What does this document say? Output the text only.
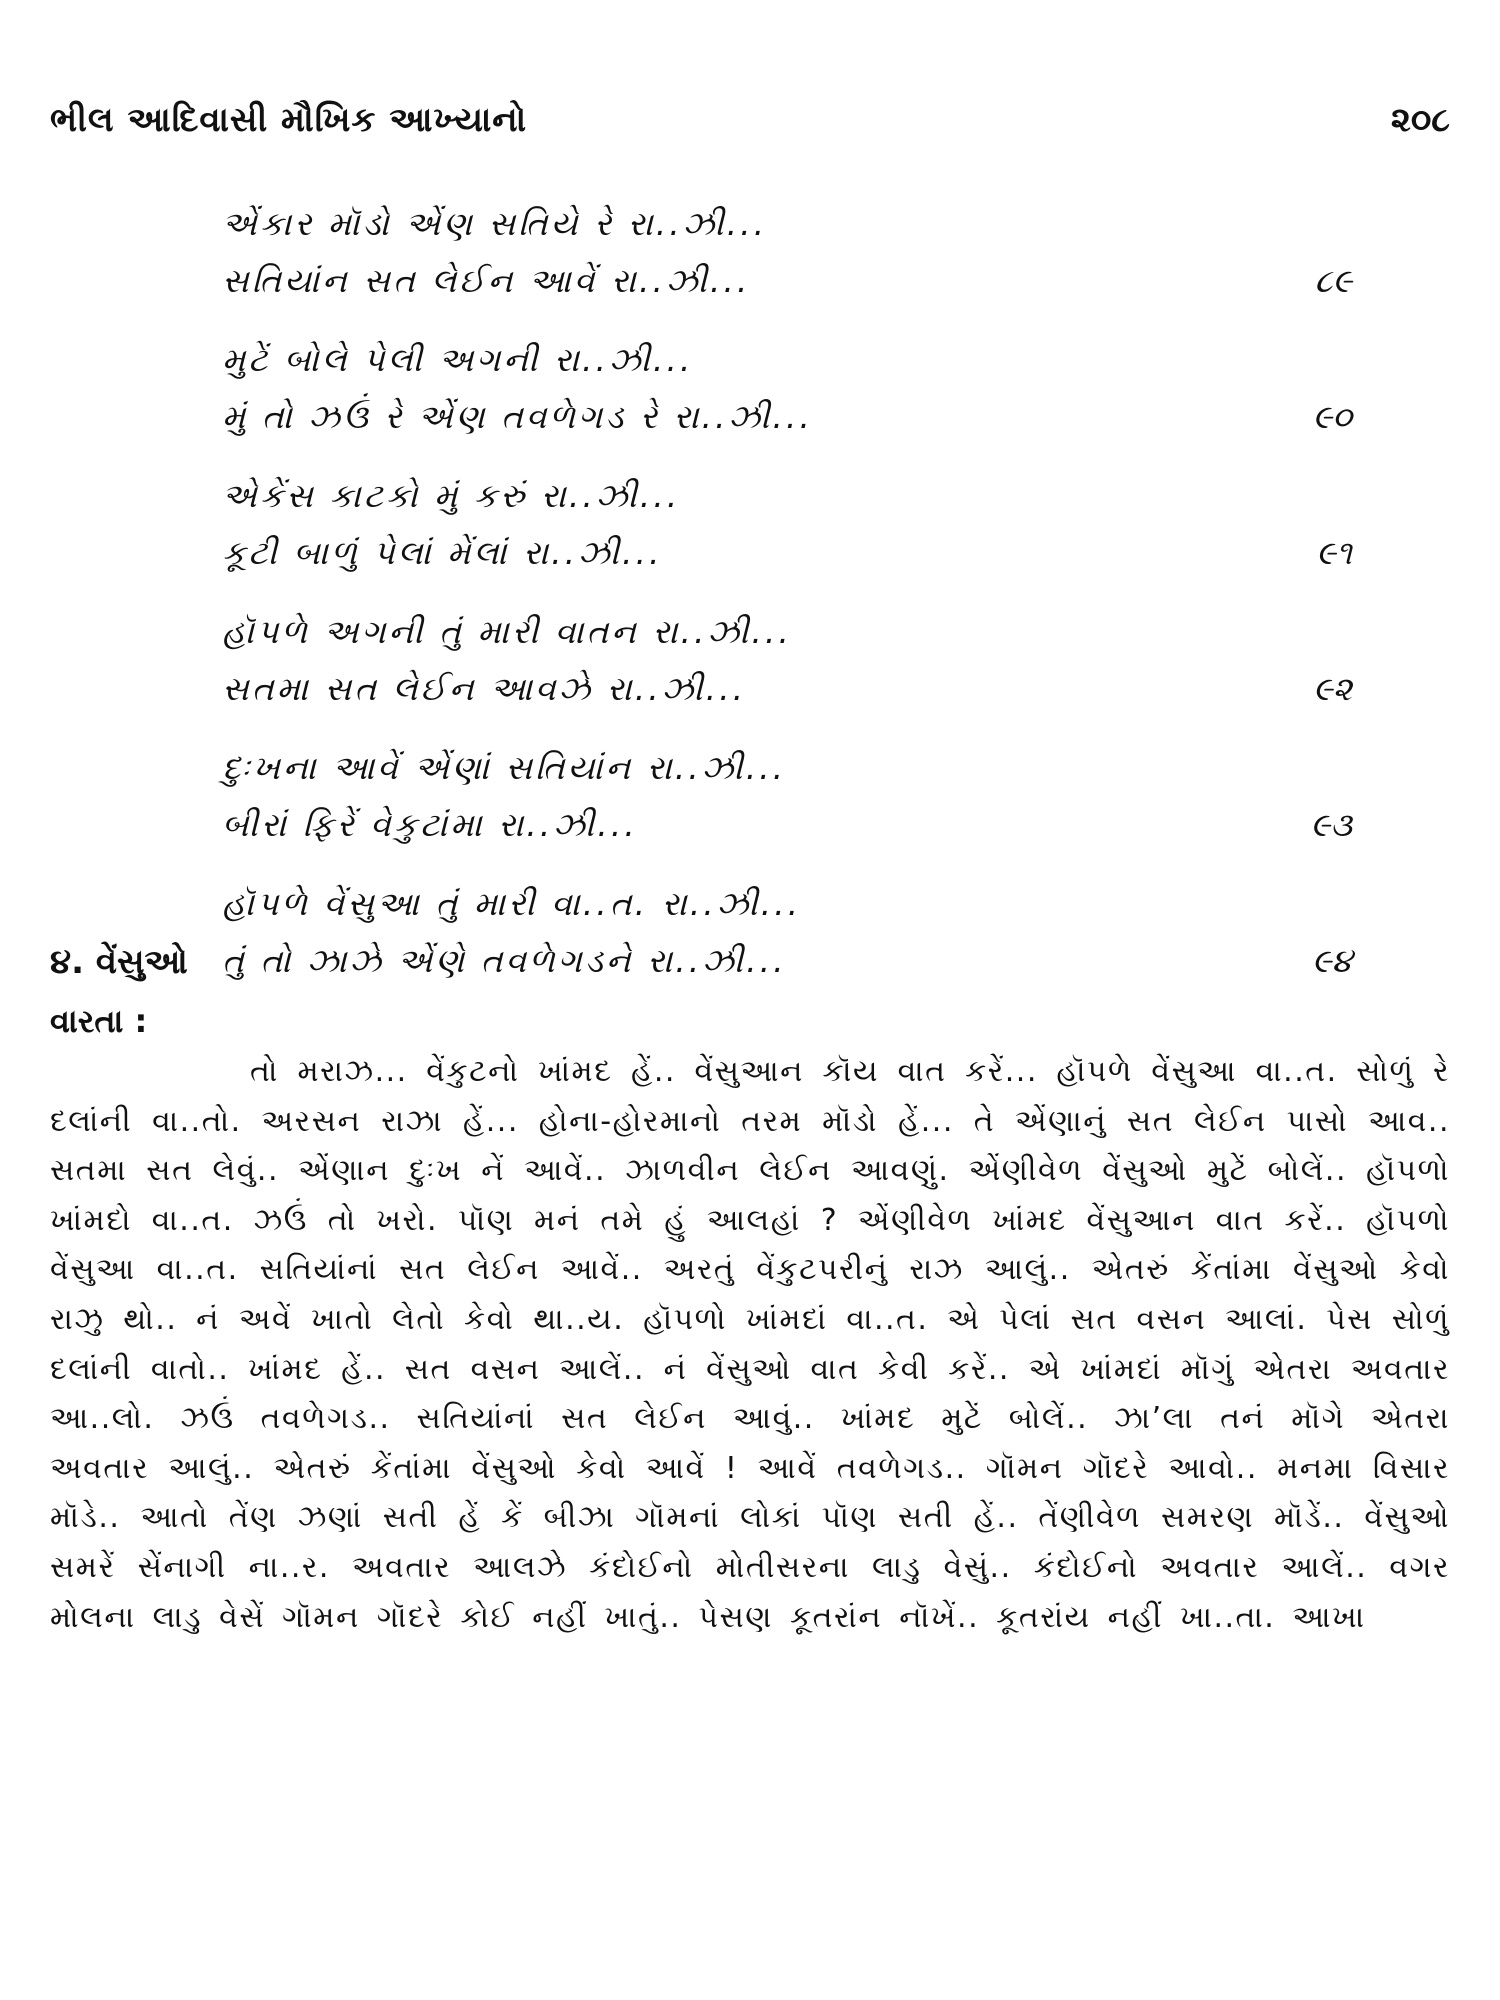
ભીલ આદિવાસી મૌખિક આખ્યાનો	૨૦૮
એંકાર મૉડો એંણ સતિયે રે રા..ઝી...
સતિયાંન સત લેઈન આવેં રા..ઝી...	૮૯
મુટેં બોલે પેલી અગની રા..ઝી...
મું તો ઝઉં રે એંણ તવળેગડ રે રા..ઝી...	૯૦
એકેંસ કાટકો મું કરું રા..ઝી...
કૂટી બાળું પેલાં મેંલાં રા..ઝી...	૯૧
હૉપળે અગની તું મારી વાતન રા..ઝી...
સતમા સત લેઈન આવઝે રા..ઝી...	૯૨
દુઃખના આવેં એંણાં સતિયાંન રા..ઝી...
બીરાં ફિરેં વેકુટાંમા રા..ઝી...	૯૩
હૉપળે વેંસુઆ તું મારી વા..ત. રા..ઝી...
તું તો ઝાઝે એંણે તવળેગડને રા..ઝી...	૯૪
૪. વેંસુઓ
વારતા :

તો મરાઝ... વેંકુટનો ખાંમદ હેં.. વેંસુઆન કૉય વાત કરેં... હૉપળે વેંસુઆ વા..ત. સોળું રે દલાંની વા..તો. અરસન રાઝા હેં... હોના-હોરમાનો તરમ મૉડો હેં... તે એંણાનું સત લેઈન પાસો આવ.. સતમા સત લેવું.. એંણાન દુઃખ નેં આવેં.. ઝાળવીન લેઈન આવણું. એંણીવેળ વેંસુઓ મુટેં બોલેં.. હૉપળો ખાંમદો વા..ત. ઝઉં તો ખરો. પૉણ મનં તમે હું આલહાં ? એંણીવેળ ખાંમદ વેંસુઆન વાત કરેં.. હૉપળો વેંસુઆ વા..ત. સતિયાંનાં સત લેઈન આવેં.. અરતું વેંકુટપરીનું રાઝ આલું.. એતરું કેંતાંમા વેંસુઓ કેવો રાઝુ થો.. નં અવેં ખાતો લેતો કેવો થા..ય. હૉપળો ખાંમદાં વા..ત. એ પેલાં સત વસન આલાં. પેસ સોળું દલાંની વાતો.. ખાંમદ હેં.. સત વસન આલેં.. નં વેંસુઓ વાત કેવી કરેં.. એ ખાંમદાં મૉગું એતરા અવતાર આ..લો. ઝઉં તવળેગડ.. સતિયાંનાં સત લેઈન આવું.. ખાંમદ મુટેં બોલેં.. ઝા’લા તનં મૉગે એતરા અવતાર આલું.. એતરું કેંતાંમા વેંસુઓ કેવો આવેં ! આવેં તવળેગડ.. ગૉમન ગૉદરે આવો.. મનમા વિસાર મૉડે.. આતો તેંણ ઝણાં સતી હેં કેં બીઝા ગૉમનાં લોકાં પૉણ સતી હેં.. તેંણીવેળ સમરણ મૉડેં.. વેંસુઓ સમરેં સેંનાગી ના..ર. અવતાર આલઝે કંદોઈનો મોતીસરના લાડુ વેસું.. કંદોઈનો અવતાર આલેં.. વગર મોલના લાડુ વેસેં ગૉમન ગૉદરે કોઈ નહીં ખાતું.. પેસણ કૂતરાંન નૉખેં.. કૂતરાંય નહીં ખા..તા. આખા
